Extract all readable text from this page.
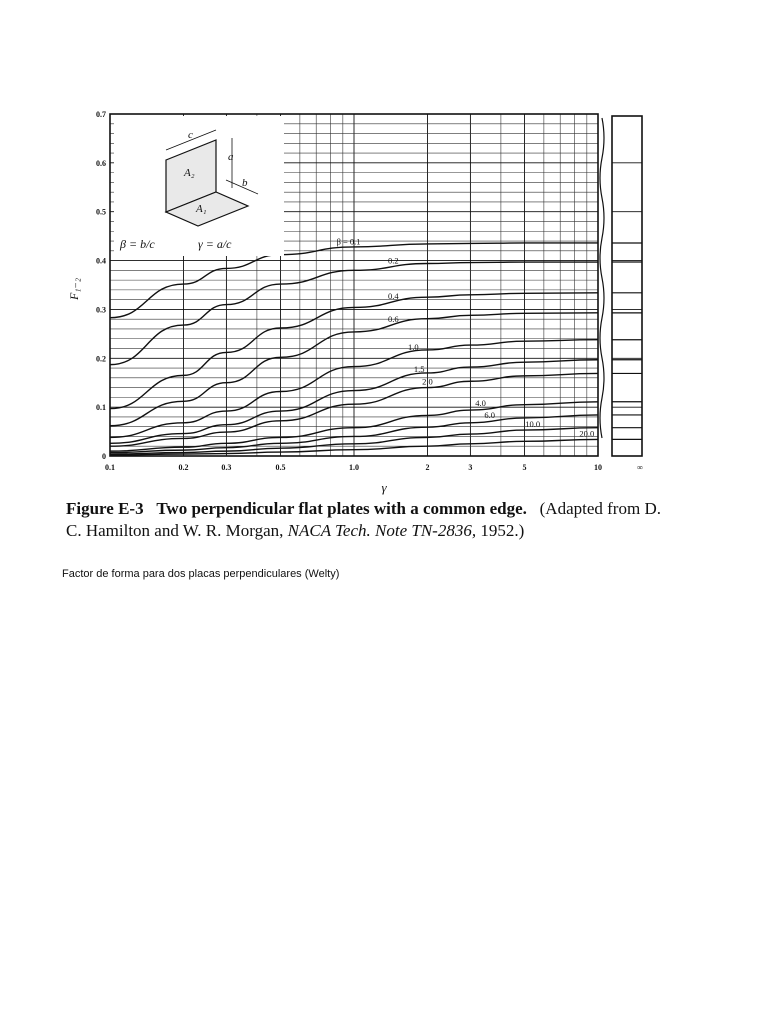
β = 0.1
0.2
0.4
0.6
1.0
1.5
2.0
4.0
6.0
10.0
20.0
c
a
b
A₂
A₁
β = b/c	γ = a/c
0.1	0.2	0.3	0.5	1.0	2	3	5	10	∞
0
0.1
0.2
0.3
0.4
0.5
0.6
0.7
F₁₋₂
γ
Figure E-3 Two perpendicular flat plates with a common edge. (Adapted from D. C. Hamilton and W. R. Morgan, NACA Tech. Note TN-2836, 1952.)
Factor de forma para dos placas perpendiculares (Welty)
